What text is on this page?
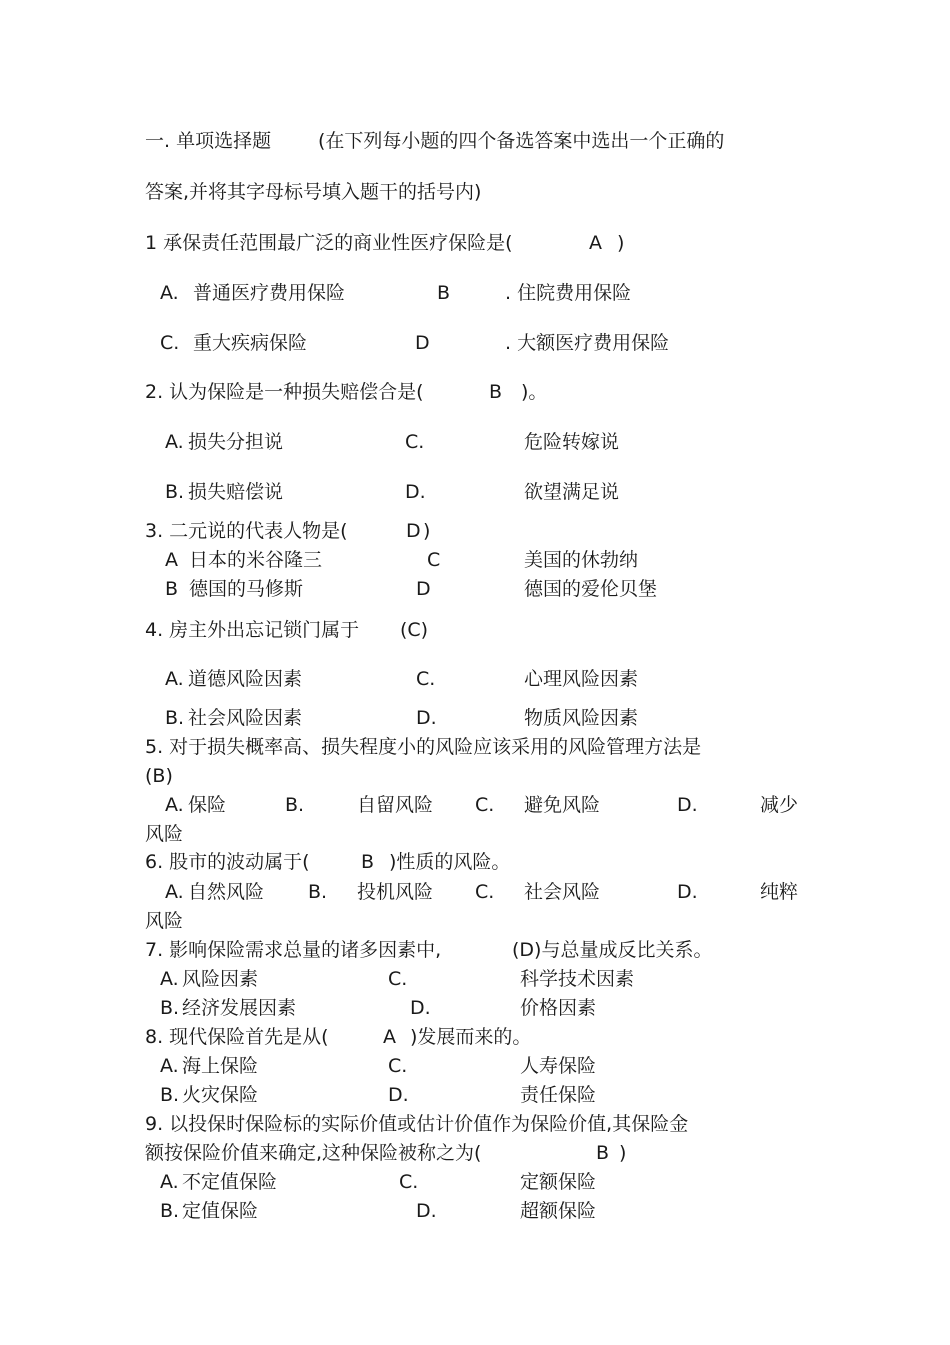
一. 单项选择题 (在下列每小题的四个备选答案中选出一个正确的
答案,并将其字母标号填入题干的括号内)
1 承保责任范围最广泛的商业性医疗保险是(	A )
A. 普通医疗费用保险	B	. 住院费用保险
C. 重大疾病保险	D	. 大额医疗费用保险
2. 认为保险是一种损失赔偿合是(	B )。
A. 损失分担说	C.	危险转嫁说
B. 损失赔偿说	D.	欲望满足说
3. 二元说的代表人物是(	D )
A 日本的米谷隆三	C	美国的休勃纳
B 德国的马修斯	D	德国的爱伦贝堡
4. 房主外出忘记锁门属于 (C)
A. 道德风险因素	C.	心理风险因素
B. 社会风险因素	D.	物质风险因素
5. 对于损失概率高、损失程度小的风险应该采用的风险管理方法是
(B)
A. 保险	B.	自留风险 C. 避免风险	D.	减少
风险
6. 股市的波动属于(	B )性质的风险。
A. 自然风险 B. 投机风险 C. 社会风险	D.	纯粹
风险
7. 影响保险需求总量的诸多因素中,	(D)与总量成反比关系。
A. 风险因素	C.	科学技术因素
B. 经济发展因素	D.	价格因素
8. 现代保险首先是从(	A )发展而来的。
A. 海上保险	C.	人寿保险
B. 火灾保险	D.	责任保险
9. 以投保时保险标的实际价值或估计价值作为保险价值,其保险金
额按保险价值来确定,这种保险被称之为(	B )
A. 不定值保险	C.	定额保险
B. 定值保险	D.	超额保险
